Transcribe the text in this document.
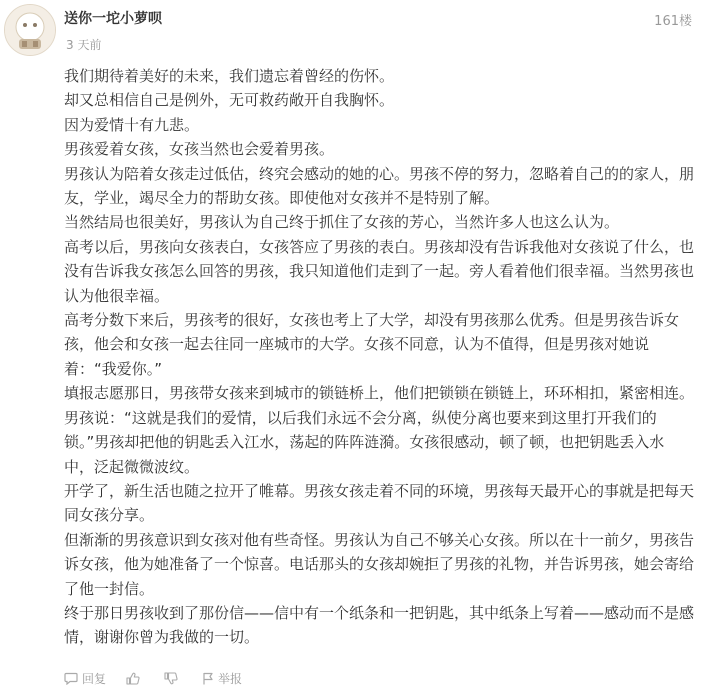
送你一坨小萝呗
3 天前
161楼

我们期待着美好的未来，我们遗忘着曾经的伤怀。

却又总相信自己是例外，无可救药敞开自我胸怀。

因为爱情十有九悲。

男孩爱着女孩，女孩当然也会爱着男孩。

男孩认为陪着女孩走过低估，终究会感动的她的心。男孩不停的努力，忽略着自己的的家人，朋友，学业，竭尽全力的帮助女孩。即使他对女孩并不是特别了解。

当然结局也很美好，男孩认为自己终于抓住了女孩的芳心，当然许多人也这么认为。

高考以后，男孩向女孩表白，女孩答应了男孩的表白。男孩却没有告诉我他对女孩说了什么，也没有告诉我女孩怎么回答的男孩，我只知道他们走到了一起。旁人看着他们很幸福。当然男孩也认为他很幸福。

高考分数下来后，男孩考的很好，女孩也考上了大学，却没有男孩那么优秀。但是男孩告诉女孩，他会和女孩一起去往同一座城市的大学。女孩不同意，认为不值得，但是男孩对她说着：“我爱你。”

填报志愿那日，男孩带女孩来到城市的锁链桥上，他们把锁锁在锁链上，环环相扣，紧密相连。男孩说：“这就是我们的爱情，以后我们永远不会分离，纵使分离也要来到这里打开我们的锁。”男孩却把他的钥匙丢入江水，荡起的阵阵涟漪。女孩很感动，顿了顿，也把钥匙丢入水中，泛起微微波纹。

开学了，新生活也随之拉开了帷幕。男孩女孩走着不同的环境，男孩每天最开心的事就是把每天同女孩分享。

但渐渐的男孩意识到女孩对他有些奇怪。男孩认为自己不够关心女孩。所以在十一前夕，男孩告诉女孩，他为她准备了一个惊喜。电话那头的女孩却婉拒了男孩的礼物，并告诉男孩，她会寄给了他一封信。

终于那日男孩收到了那份信——信中有一个纸条和一把钥匙，其中纸条上写着——感动而不是感情，谢谢你曾为我做的一切。

回复	举报
